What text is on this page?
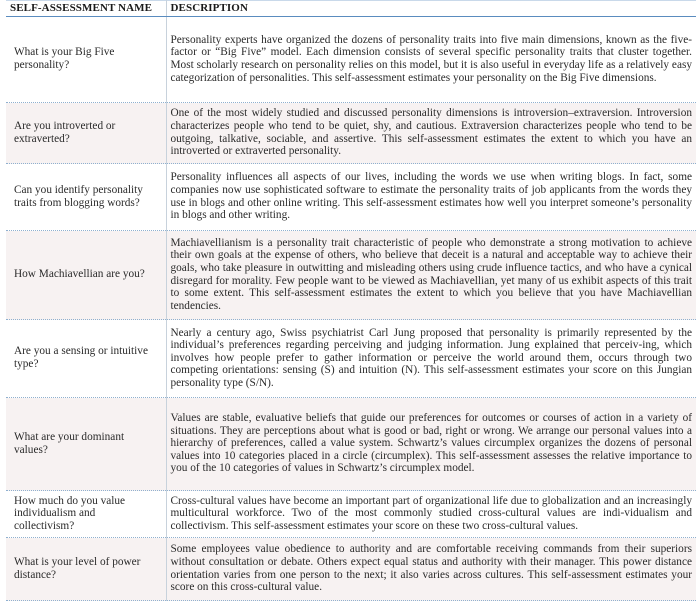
SELF-ASSESSMENT NAME	DESCRIPTION
What is your Big Five personality?	Personality experts have organized the dozens of personality traits into five main dimensions, known as the five-factor or “Big Five” model. Each dimension consists of several specific personality traits that cluster together. Most scholarly research on personality relies on this model, but it is also useful in everyday life as a relatively easy categorization of personalities. This self-assessment estimates your personality on the Big Five dimensions.
Are you introverted or extraverted?	One of the most widely studied and discussed personality dimensions is introversion–extraversion. Introversion characterizes people who tend to be quiet, shy, and cautious. Extraversion characterizes people who tend to be outgoing, talkative, sociable, and assertive. This self-assessment estimates the extent to which you have an introverted or extraverted personality.
Can you identify personality traits from blogging words?	Personality influences all aspects of our lives, including the words we use when writing blogs. In fact, some companies now use sophisticated software to estimate the personality traits of job applicants from the words they use in blogs and other online writing. This self-assessment estimates how well you interpret someone’s personality in blogs and other writing.
How Machiavellian are you?	Machiavellianism is a personality trait characteristic of people who demonstrate a strong motivation to achieve their own goals at the expense of others, who believe that deceit is a natural and acceptable way to achieve their goals, who take pleasure in outwitting and misleading others using crude influence tactics, and who have a cynical disregard for morality. Few people want to be viewed as Machiavellian, yet many of us exhibit aspects of this trait to some extent. This self-assessment estimates the extent to which you believe that you have Machiavellian tendencies.
Are you a sensing or intuitive type?	Nearly a century ago, Swiss psychiatrist Carl Jung proposed that personality is primarily represented by the individual’s preferences regarding perceiving and judging information. Jung explained that perceiv-ing, which involves how people prefer to gather information or perceive the world around them, occurs through two competing orientations: sensing (S) and intuition (N). This self-assessment estimates your score on this Jungian personality type (S/N).
What are your dominant values?	Values are stable, evaluative beliefs that guide our preferences for outcomes or courses of action in a variety of situations. They are perceptions about what is good or bad, right or wrong. We arrange our personal values into a hierarchy of preferences, called a value system. Schwartz’s values circumplex organizes the dozens of personal values into 10 categories placed in a circle (circumplex). This self-assessment assesses the relative importance to you of the 10 categories of values in Schwartz’s circumplex model.
How much do you value individualism and collectivism?	Cross-cultural values have become an important part of organizational life due to globalization and an increasingly multicultural workforce. Two of the most commonly studied cross-cultural values are indi-vidualism and collectivism. This self-assessment estimates your score on these two cross-cultural values.
What is your level of power distance?	Some employees value obedience to authority and are comfortable receiving commands from their superiors without consultation or debate. Others expect equal status and authority with their manager. This power distance orientation varies from one person to the next; it also varies across cultures. This self-assessment estimates your score on this cross-cultural value.
